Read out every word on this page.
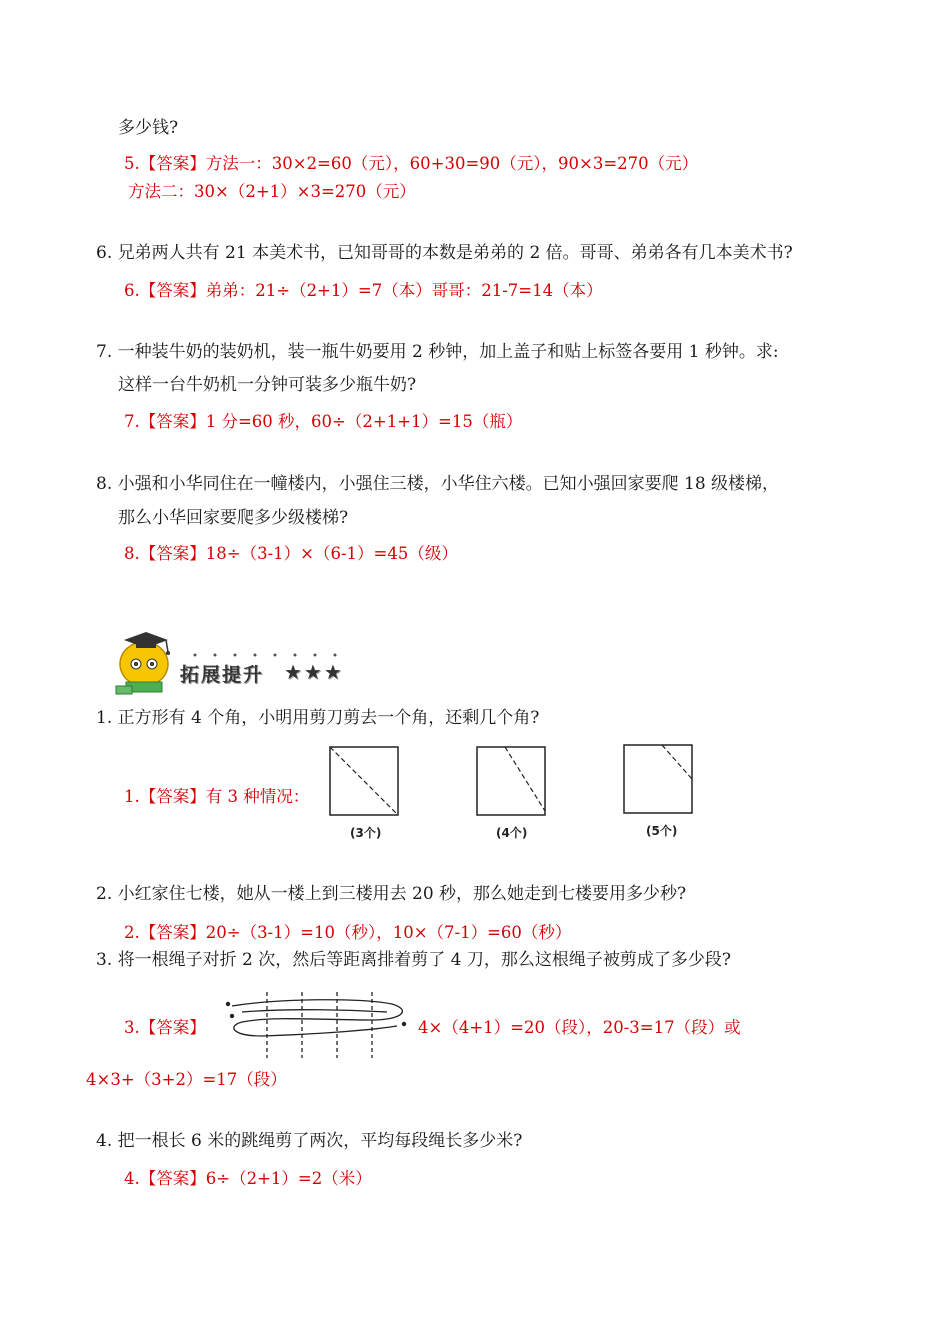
多少钱?
5.【答案】方法一：30×2=60（元），60+30=90（元），90×3=270（元）
方法二：30×（2+1）×3=270（元）
6. 兄弟两人共有 21 本美术书，已知哥哥的本数是弟弟的 2 倍。哥哥、弟弟各有几本美术书?
6.【答案】弟弟：21÷（2+1）=7（本）哥哥：21-7=14（本）
7. 一种装牛奶的装奶机，装一瓶牛奶要用 2 秒钟，加上盖子和贴上标签各要用 1 秒钟。求:
这样一台牛奶机一分钟可装多少瓶牛奶?
7.【答案】1 分=60 秒，60÷（2+1+1）=15（瓶）
8. 小强和小华同住在一幢楼内，小强住三楼，小华住六楼。已知小强回家要爬 18 级楼梯，
那么小华回家要爬多少级楼梯?
8.【答案】18÷（3-1）×（6-1）=45（级）
拓展提升 ★★★
1. 正方形有 4 个角，小明用剪刀剪去一个角，还剩几个角?
1.【答案】有 3 种情况：
(3个)	(4个)	(5个)
2. 小红家住七楼，她从一楼上到三楼用去 20 秒，那么她走到七楼要用多少秒?
2.【答案】20÷（3-1）=10（秒），10×（7-1）=60（秒）
3. 将一根绳子对折 2 次，然后等距离排着剪了 4 刀，那么这根绳子被剪成了多少段?
3.【答案】	4×（4+1）=20（段），20-3=17（段）或
4×3+（3+2）=17（段）
4. 把一根长 6 米的跳绳剪了两次，平均每段绳长多少米?
4.【答案】6÷（2+1）=2（米）
